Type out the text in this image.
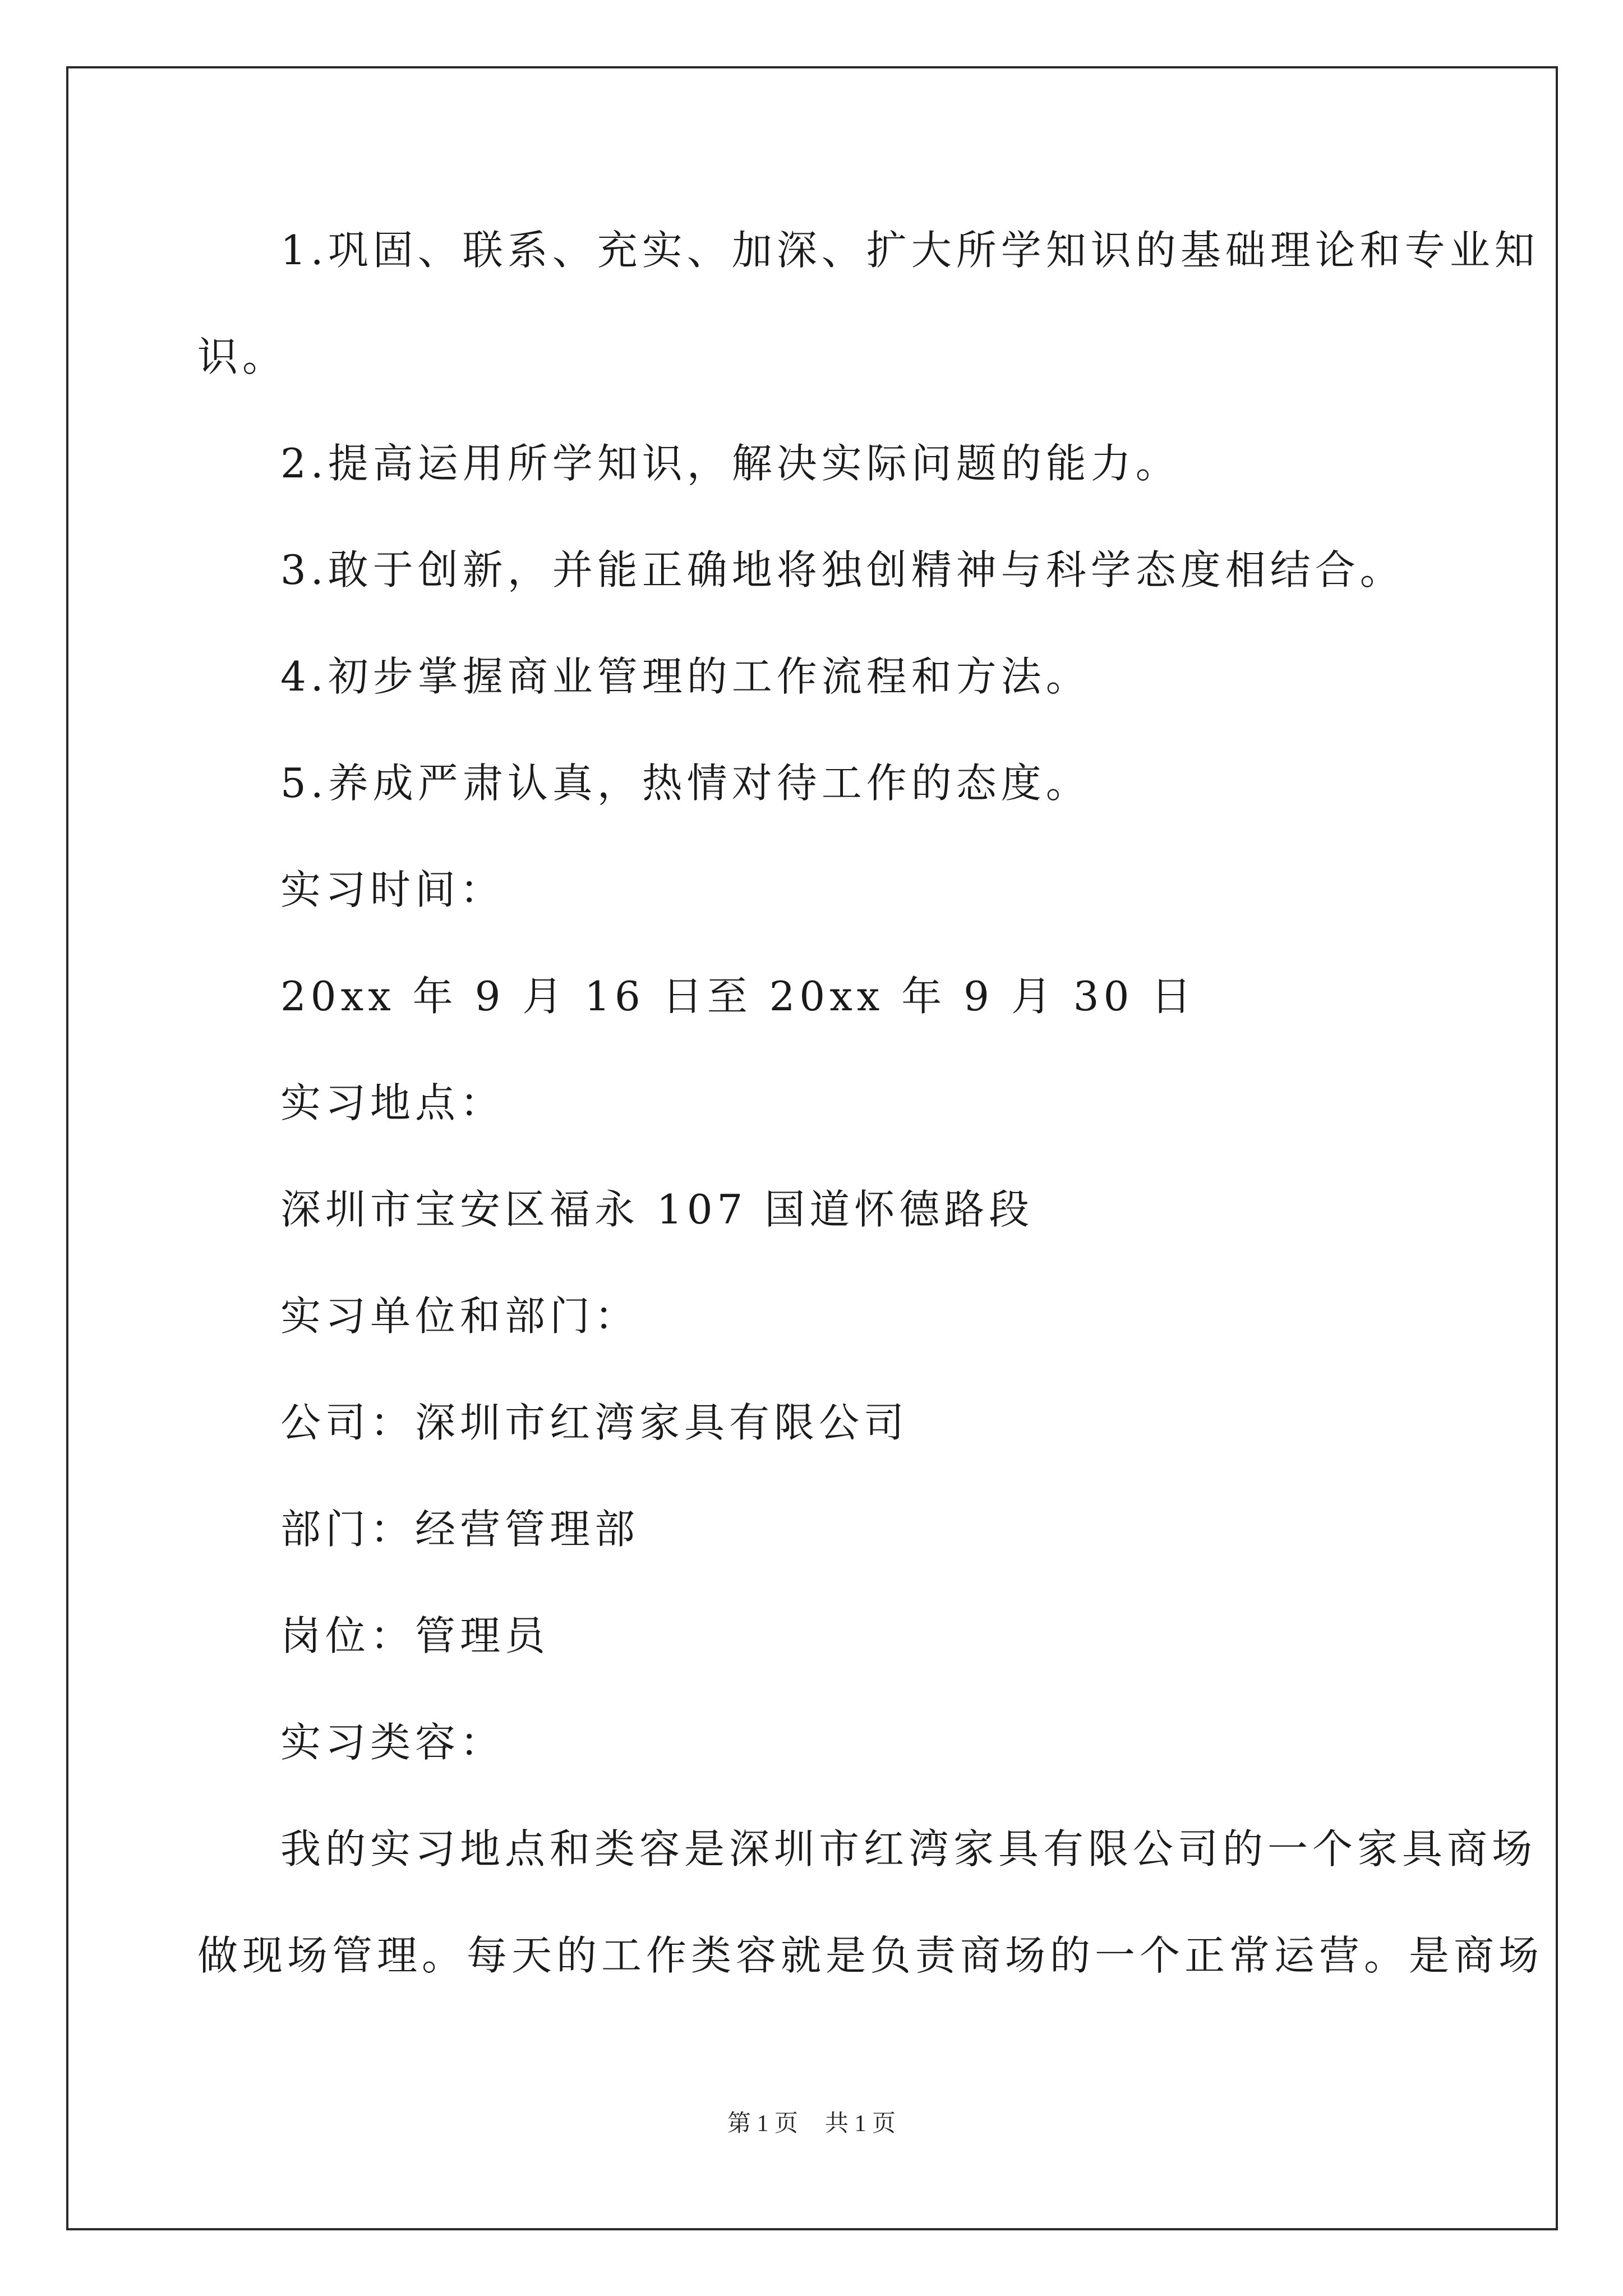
1.巩固、联系、充实、加深、扩大所学知识的基础理论和专业知
识。
2.提高运用所学知识，解决实际问题的能力。
3.敢于创新，并能正确地将独创精神与科学态度相结合。
4.初步掌握商业管理的工作流程和方法。
5.养成严肃认真，热情对待工作的态度。
实习时间：
20xx 年 9 月 16 日至 20xx 年 9 月 30 日
实习地点：
深圳市宝安区福永 107 国道怀德路段
实习单位和部门：
公司：深圳市红湾家具有限公司
部门：经营管理部
岗位：管理员
实习类容：
我的实习地点和类容是深圳市红湾家具有限公司的一个家具商场
做现场管理。每天的工作类容就是负责商场的一个正常运营。是商场
第 1 页 共 1 页
